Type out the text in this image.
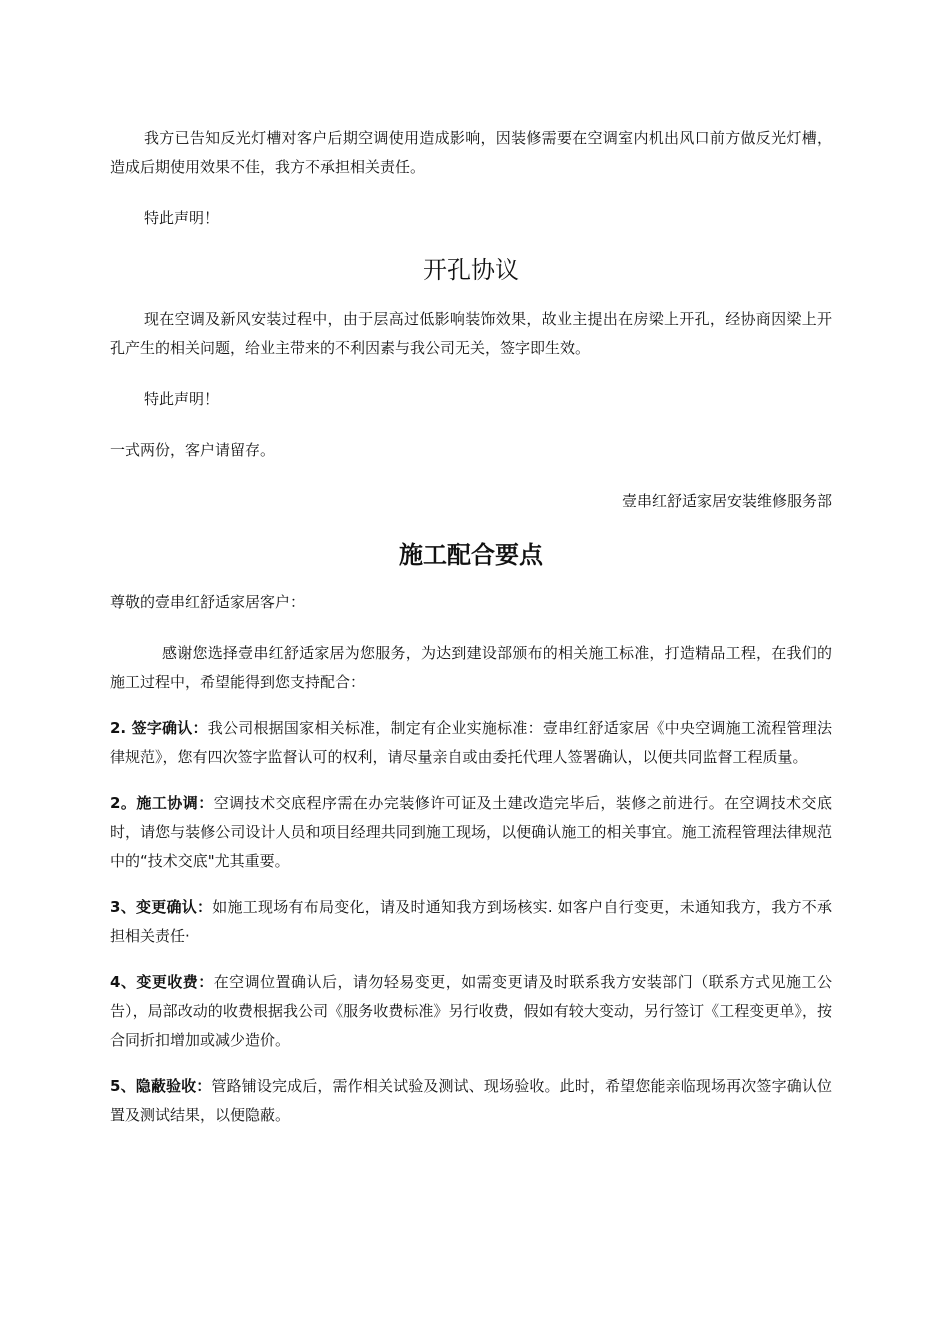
我方已告知反光灯槽对客户后期空调使用造成影响，因装修需要在空调室内机出风口前方做反光灯槽，造成后期使用效果不佳，我方不承担相关责任。

特此声明！

开孔协议

现在空调及新风安装过程中，由于层高过低影响装饰效果，故业主提出在房梁上开孔，经协商因梁上开孔产生的相关问题，给业主带来的不利因素与我公司无关，签字即生效。

特此声明！

一式两份，客户请留存。

壹串红舒适家居安装维修服务部

施工配合要点

尊敬的壹串红舒适家居客户：

感谢您选择壹串红舒适家居为您服务，为达到建设部颁布的相关施工标准，打造精品工程，在我们的施工过程中，希望能得到您支持配合：

2. 签字确认：我公司根据国家相关标准，制定有企业实施标准：壹串红舒适家居《中央空调施工流程管理法律规范》，您有四次签字监督认可的权利，请尽量亲自或由委托代理人签署确认，以便共同监督工程质量。

2。施工协调：空调技术交底程序需在办完装修许可证及土建改造完毕后，装修之前进行。在空调技术交底时，请您与装修公司设计人员和项目经理共同到施工现场，以便确认施工的相关事宜。施工流程管理法律规范中的“技术交底"尤其重要。

3、变更确认：如施工现场有布局变化，请及时通知我方到场核实. 如客户自行变更，未通知我方，我方不承担相关责任·

4、变更收费：在空调位置确认后，请勿轻易变更，如需变更请及时联系我方安装部门（联系方式见施工公告），局部改动的收费根据我公司《服务收费标准》另行收费，假如有较大变动，另行签订《工程变更单》，按合同折扣增加或减少造价。

5、隐蔽验收：管路铺设完成后，需作相关试验及测试、现场验收。此时，希望您能亲临现场再次签字确认位置及测试结果，以便隐蔽。
